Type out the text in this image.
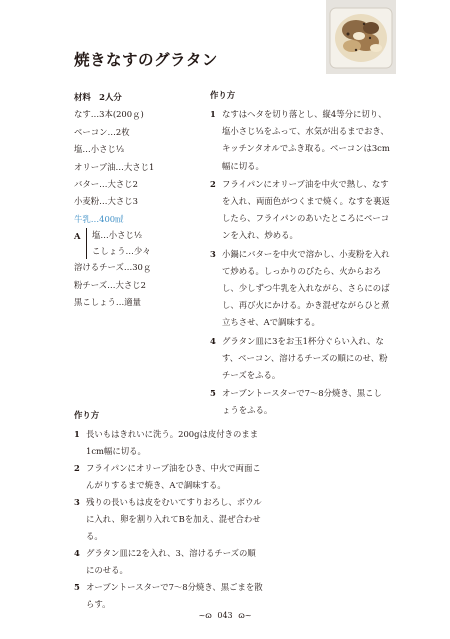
焼きなすのグラタン
材料　2人分
なす…3本(200ｇ)
ベーコン…2枚
塩…小さじ⅓
オリーブ油…大さじ1
バター…大さじ2
小麦粉…大さじ3
牛乳…400㎖
A	塩…小さじ½
こしょう…少々
溶けるチーズ…30ｇ
粉チーズ…大さじ2
黒こしょう…適量
作り方
1 なすはヘタを切り落とし、縦4等分に切り、塩小さじ⅓をふって、水気が出るまでおき、キッチンタオルでふき取る。ベーコンは3cm幅に切る。
2 フライパンにオリーブ油を中火で熱し、なすを入れ、両面色がつくまで焼く。なすを裏返したら、フライパンのあいたところにベーコンを入れ、炒める。
3 小鍋にバターを中火で溶かし、小麦粉を入れて炒める。しっかりのびたら、火からおろし、少しずつ牛乳を入れながら、さらにのばし、再び火にかける。かき混ぜながらひと煮立ちさせ、Aで調味する。
4 グラタン皿に3をお玉1杯分ぐらい入れ、なす、ベーコン、溶けるチーズの順にのせ、粉チーズをふる。
5 オーブントースターで7～8分焼き、黒こしょうをふる。
作り方
1 長いもはきれいに洗う。200gは皮付きのまま1cm幅に切る。
2 フライパンにオリーブ油をひき、中火で両面こんがりするまで焼き、Aで調味する。
3 残りの長いもは皮をむいてすりおろし、ボウルに入れ、卵を割り入れてBを加え、混ぜ合わせる。
4 グラタン皿に2を入れ、3、溶けるチーズの順にのせる。
5 オーブントースターで7～8分焼き、黒ごまを散らす。
~ɷ 043 ɷ~
